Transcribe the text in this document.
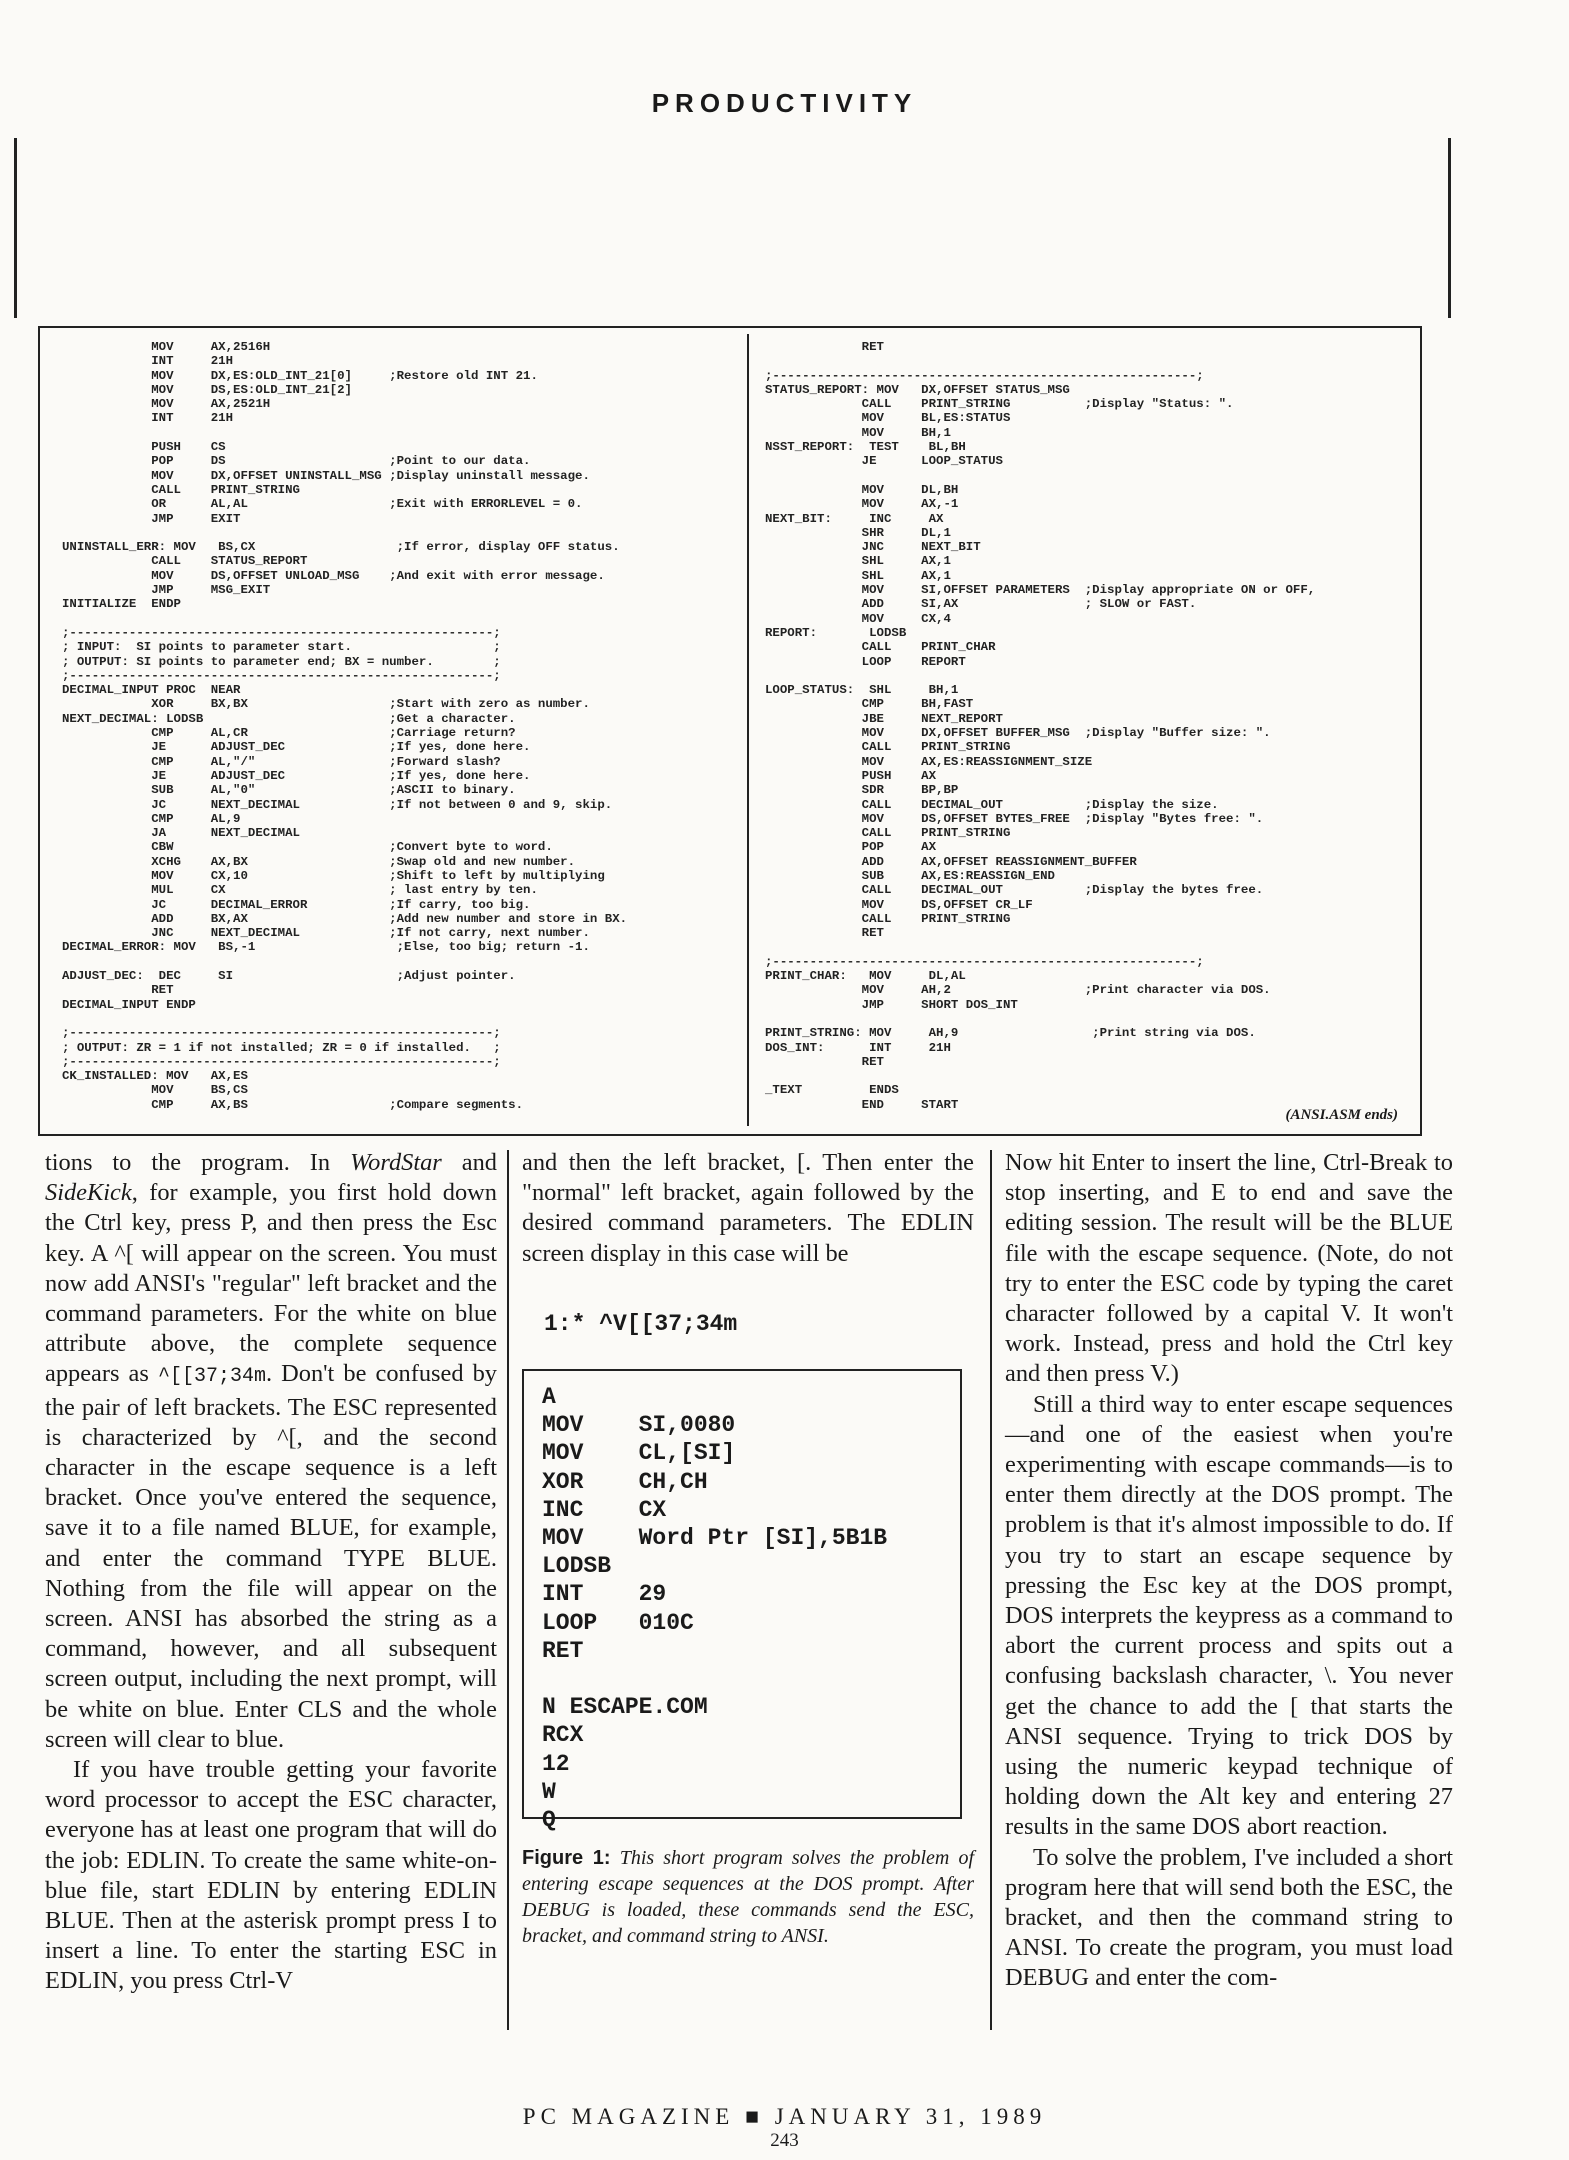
PRODUCTIVITY
MOV     AX,2516H
INT     21H
MOV     DX,ES:OLD_INT_21[0]     ;Restore old INT 21.
MOV     DS,ES:OLD_INT_21[2]
MOV     AX,2521H
INT     21H
PUSH    CS
POP     DS                      ;Point to our data.
MOV     DX,OFFSET UNINSTALL_MSG ;Display uninstall message.
CALL    PRINT_STRING
OR      AL,AL                   ;Exit with ERRORLEVEL = 0.
JMP     EXIT
UNINSTALL_ERR: MOV   BS,CX                   ;If error, display OFF status.
CALL    STATUS_REPORT
MOV     DS,OFFSET UNLOAD_MSG    ;And exit with error message.
JMP     MSG_EXIT
INITIALIZE  ENDP
;---------------------------------------------------------;
; INPUT:  SI points to parameter start.                   ;
; OUTPUT: SI points to parameter end; BX = number.        ;
;---------------------------------------------------------;
DECIMAL_INPUT PROC  NEAR
XOR     BX,BX                   ;Start with zero as number.
NEXT_DECIMAL: LODSB                         ;Get a character.
CMP     AL,CR                   ;Carriage return?
JE      ADJUST_DEC              ;If yes, done here.
CMP     AL,"/"                  ;Forward slash?
JE      ADJUST_DEC              ;If yes, done here.
SUB     AL,"0"                  ;ASCII to binary.
JC      NEXT_DECIMAL            ;If not between 0 and 9, skip.
CMP     AL,9
JA      NEXT_DECIMAL
CBW                             ;Convert byte to word.
XCHG    AX,BX                   ;Swap old and new number.
MOV     CX,10                   ;Shift to left by multiplying
MUL     CX                      ; last entry by ten.
JC      DECIMAL_ERROR           ;If carry, too big.
ADD     BX,AX                   ;Add new number and store in BX.
JNC     NEXT_DECIMAL            ;If not carry, next number.
DECIMAL_ERROR: MOV   BS,-1                   ;Else, too big; return -1.
ADJUST_DEC:  DEC     SI                      ;Adjust pointer.
RET
DECIMAL_INPUT ENDP
;---------------------------------------------------------;
; OUTPUT: ZR = 1 if not installed; ZR = 0 if installed.   ;
;---------------------------------------------------------;
CK_INSTALLED: MOV   AX,ES
MOV     BS,CS
CMP     AX,BS                   ;Compare segments.
RET
;---------------------------------------------------------;
STATUS_REPORT: MOV   DX,OFFSET STATUS_MSG
CALL    PRINT_STRING          ;Display "Status: ".
MOV     BL,ES:STATUS
MOV     BH,1
NSST_REPORT:  TEST    BL,BH
JE      LOOP_STATUS
MOV     DL,BH
MOV     AX,-1
NEXT_BIT:     INC     AX
SHR     DL,1
JNC     NEXT_BIT
SHL     AX,1
SHL     AX,1
MOV     SI,OFFSET PARAMETERS  ;Display appropriate ON or OFF,
ADD     SI,AX                 ; SLOW or FAST.
MOV     CX,4
REPORT:       LODSB
CALL    PRINT_CHAR
LOOP    REPORT
LOOP_STATUS:  SHL     BH,1
CMP     BH,FAST
JBE     NEXT_REPORT
MOV     DX,OFFSET BUFFER_MSG  ;Display "Buffer size: ".
CALL    PRINT_STRING
MOV     AX,ES:REASSIGNMENT_SIZE
PUSH    AX
SDR     BP,BP
CALL    DECIMAL_OUT           ;Display the size.
MOV     DS,OFFSET BYTES_FREE  ;Display "Bytes free: ".
CALL    PRINT_STRING
POP     AX
ADD     AX,OFFSET REASSIGNMENT_BUFFER
SUB     AX,ES:REASSIGN_END
CALL    DECIMAL_OUT           ;Display the bytes free.
MOV     DS,OFFSET CR_LF
CALL    PRINT_STRING
RET
;---------------------------------------------------------;
PRINT_CHAR:   MOV     DL,AL
MOV     AH,2                  ;Print character via DOS.
JMP     SHORT DOS_INT
PRINT_STRING: MOV     AH,9                  ;Print string via DOS.
DOS_INT:      INT     21H
RET
_TEXT         ENDS
END     START
(ANSI.ASM ends)

tions to the program. In WordStar and SideKick, for example, you first hold down the Ctrl key, press P, and then press the Esc key. A ^[ will appear on the screen. You must now add ANSI's "regular" left bracket and the command parameters. For the white on blue attribute above, the complete sequence appears as ^[[37;34m. Don't be confused by the pair of left brackets. The ESC represented is characterized by ^[, and the second character in the escape sequence is a left bracket. Once you've entered the sequence, save it to a file named BLUE, for example, and enter the command TYPE BLUE. Nothing from the file will appear on the screen. ANSI has absorbed the string as a command, however, and all subsequent screen output, including the next prompt, will be white on blue. Enter CLS and the whole screen will clear to blue.

If you have trouble getting your favorite word processor to accept the ESC character, everyone has at least one program that will do the job: EDLIN. To create the same white-on-blue file, start EDLIN by entering EDLIN BLUE. Then at the asterisk prompt press I to insert a line. To enter the starting ESC in EDLIN, you press Ctrl-V

and then the left bracket, [. Then enter the "normal" left bracket, again followed by the desired command parameters. The EDLIN screen display in this case will be

1:* ^V[[37;34m
A
MOV    SI,0080
MOV    CL,[SI]
XOR    CH,CH
INC    CX
MOV    Word Ptr [SI],5B1B
LODSB
INT    29
LOOP   010C
RET
N ESCAPE.COM
RCX
12
W
Q
Figure 1: This short program solves the problem of entering escape sequences at the DOS prompt. After DEBUG is loaded, these commands send the ESC, bracket, and command string to ANSI.

Now hit Enter to insert the line, Ctrl-Break to stop inserting, and E to end and save the editing session. The result will be the BLUE file with the escape sequence. (Note, do not try to enter the ESC code by typing the caret character followed by a capital V. It won't work. Instead, press and hold the Ctrl key and then press V.)

Still a third way to enter escape sequences—and one of the easiest when you're experimenting with escape commands—is to enter them directly at the DOS prompt. The problem is that it's almost impossible to do. If you try to start an escape sequence by pressing the Esc key at the DOS prompt, DOS interprets the keypress as a command to abort the current process and spits out a confusing backslash character, \. You never get the chance to add the [ that starts the ANSI sequence. Trying to trick DOS by using the numeric keypad technique of holding down the Alt key and entering 27 results in the same DOS abort reaction.

To solve the problem, I've included a short program here that will send both the ESC, the bracket, and then the command string to ANSI. To create the program, you must load DEBUG and enter the com-

PC MAGAZINE ■ JANUARY 31, 1989
243
